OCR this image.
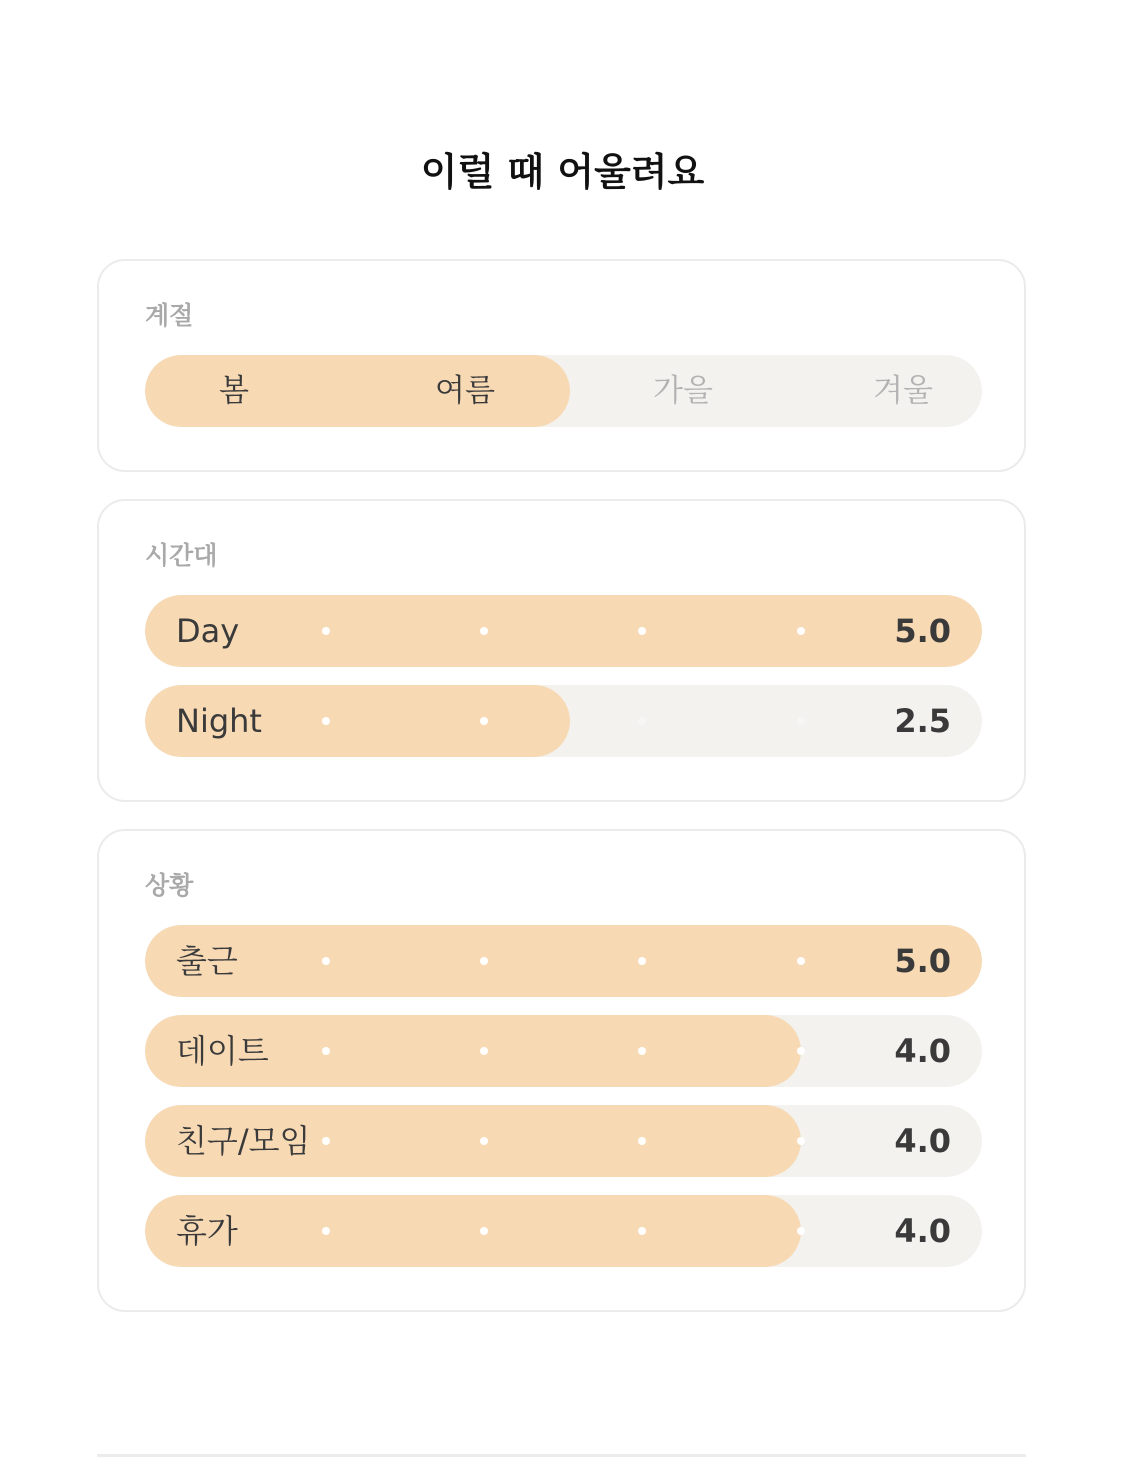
이럴 때 어울려요
계절
봄	여름	가을	겨울
시간대
Day	5.0
Night	2.5
상황
출근	5.0
데이트	4.0
친구/모임	4.0
휴가	4.0
